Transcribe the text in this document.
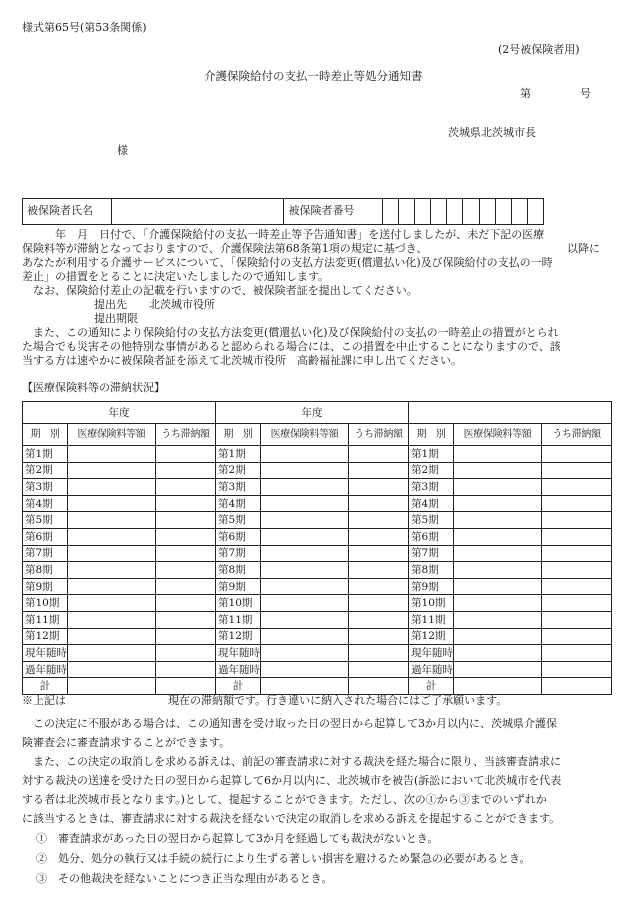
様式第65号(第53条関係)
(2号被保険者用)
介護保険給付の支払一時差止等処分通知書
第	号
茨城県北茨城市長
様
被保険者氏名		被保険者番号										
　　　年　月　日付で、「介護保険給付の支払一時差止等予告通知書」を送付しましたが、未だ下記の医療
保険料等が滞納となっておりますので、介護保険法第68条第1項の規定に基づき、	以降に
あなたが利用する介護サービスについて、「保険給付の支払方法変更(償還払い化)及び保険給付の支払の一時
差止」の措置をとることに決定いたしましたので通知します。
　なお、保険給付差止の記載を行いますので、被保険者証を提出してください。
提出先　　北茨城市役所
提出期限
　また、この通知により保険給付の支払方法変更(償還払い化)及び保険給付の支払の一時差止の措置がとられ
た場合でも災害その他特別な事情があると認められる場合には、この措置を中止することになりますので、該
当する方は速やかに被保険者証を添えて北茨城市役所　高齢福祉課に申し出てください。
【医療保険料等の滞納状況】
年度			年度					
期　別	医療保険料等額	うち滞納額	期　別	医療保険料等額	うち滞納額	期　別	医療保険料等額	うち滞納額
第1期			第1期			第1期		
第2期			第2期			第2期		
第3期			第3期			第3期		
第4期			第4期			第4期		
第5期			第5期			第5期		
第6期			第6期			第6期		
第7期			第7期			第7期		
第8期			第8期			第8期		
第9期			第9期			第9期		
第10期			第10期			第10期		
第11期			第11期			第11期		
第12期			第12期			第12期		
現年随時			現年随時			現年随時		
過年随時			過年随時			過年随時		
計			計			計		
※上記は	現在の滞納額です。行き違いに納入された場合にはご了承願います。
　この決定に不服がある場合は、この通知書を受け取った日の翌日から起算して3か月以内に、茨城県介護保
険審査会に審査請求することができます。
　また、この決定の取消しを求める訴えは、前記の審査請求に対する裁決を経た場合に限り、当該審査請求に
対する裁決の送達を受けた日の翌日から起算して6か月以内に、北茨城市を被告(訴訟において北茨城市を代表
する者は北茨城市長となります。)として、提起することができます。ただし、次の①から③までのいずれか
に該当するときは、審査請求に対する裁決を経ないで決定の取消しを求める訴えを提起することができます。
①　審査請求があった日の翌日から起算して3か月を経過しても裁決がないとき。
②　処分、処分の執行又は手続の続行により生ずる著しい損害を避けるため緊急の必要があるとき。
③　その他裁決を経ないことにつき正当な理由があるとき。
